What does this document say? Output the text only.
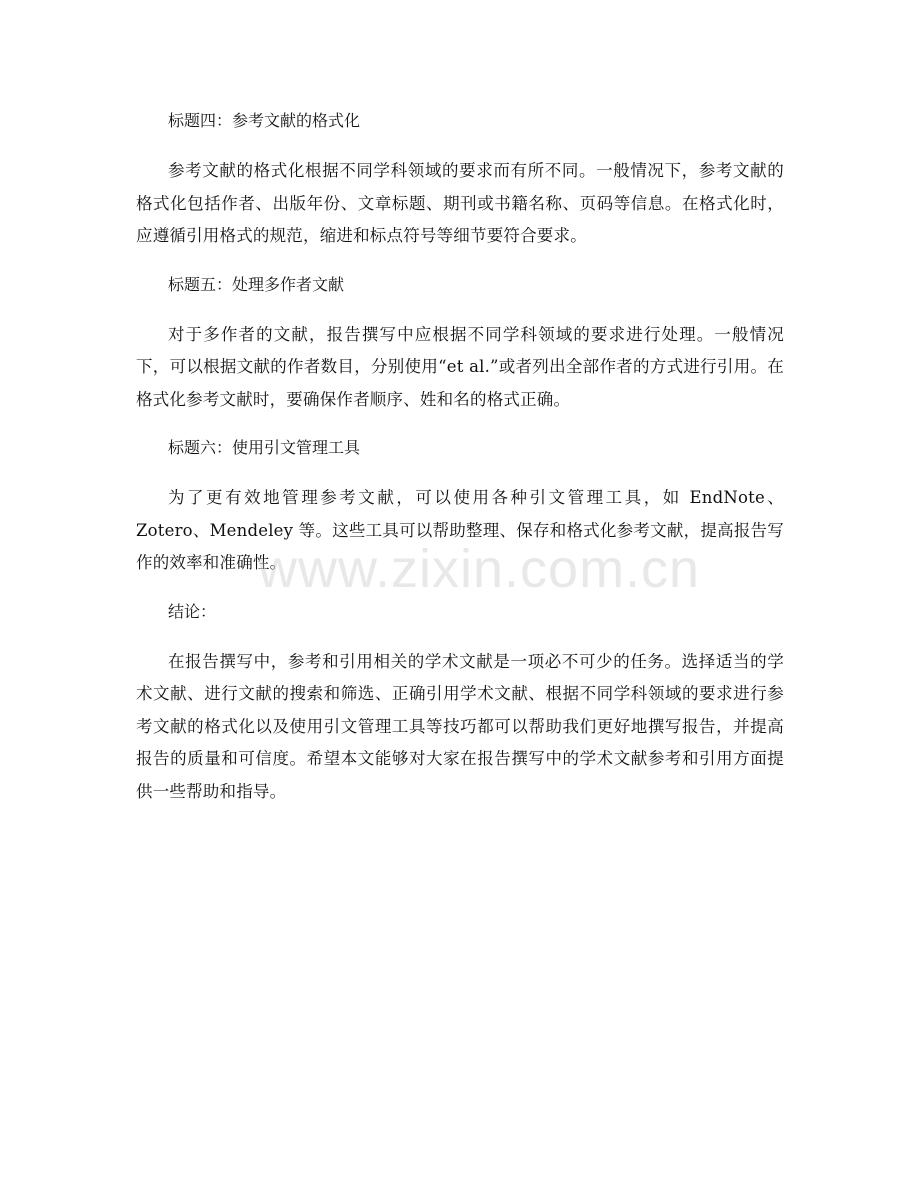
标题四：参考文献的格式化

参考文献的格式化根据不同学科领域的要求而有所不同。一般情况下，参考文献的格式化包括作者、出版年份、文章标题、期刊或书籍名称、页码等信息。在格式化时，应遵循引用格式的规范，缩进和标点符号等细节要符合要求。

标题五：处理多作者文献

对于多作者的文献，报告撰写中应根据不同学科领域的要求进行处理。一般情况下，可以根据文献的作者数目，分别使用“et al.”或者列出全部作者的方式进行引用。在格式化参考文献时，要确保作者顺序、姓和名的格式正确。

标题六：使用引文管理工具

为了更有效地管理参考文献，可以使用各种引文管理工具，如 EndNote、Zotero、Mendeley 等。这些工具可以帮助整理、保存和格式化参考文献，提高报告写作的效率和准确性。

结论：

在报告撰写中，参考和引用相关的学术文献是一项必不可少的任务。选择适当的学术文献、进行文献的搜索和筛选、正确引用学术文献、根据不同学科领域的要求进行参考文献的格式化以及使用引文管理工具等技巧都可以帮助我们更好地撰写报告，并提高报告的质量和可信度。希望本文能够对大家在报告撰写中的学术文献参考和引用方面提供一些帮助和指导。

www.zixin.com.cn
